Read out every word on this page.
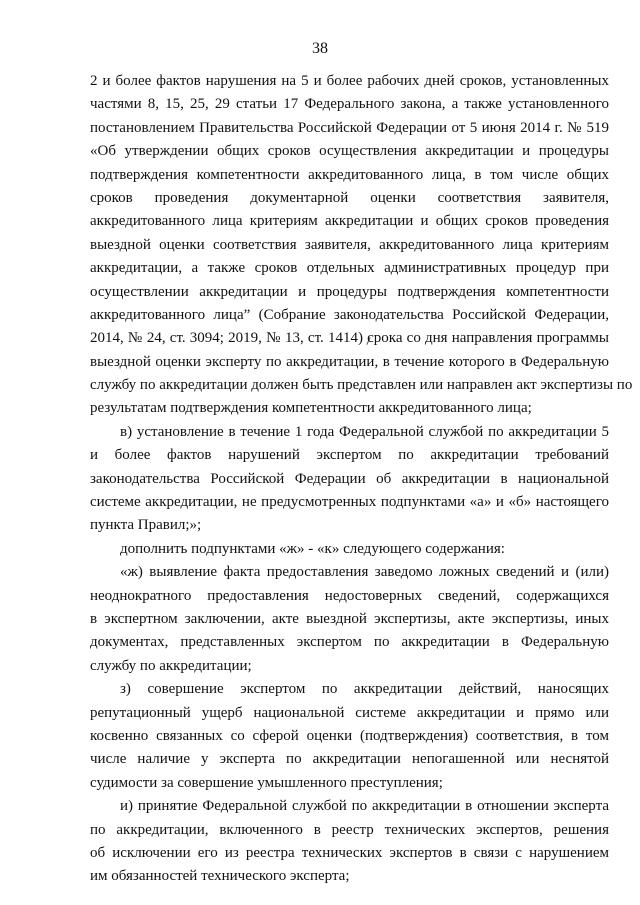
38
2 и более фактов нарушения на 5 и более рабочих дней сроков, установленных
частями 8, 15, 25, 29 статьи 17 Федерального закона, а также установленного
постановлением Правительства Российской Федерации от 5 июня 2014 г. № 519
«Об утверждении общих сроков осуществления аккредитации и процедуры
подтверждения компетентности аккредитованного лица, в том числе общих
сроков проведения документарной оценки соответствия заявителя,
аккредитованного лица критериям аккредитации и общих сроков проведения
выездной оценки соответствия заявителя, аккредитованного лица критериям
аккредитации, а также сроков отдельных административных процедур при
осуществлении аккредитации и процедуры подтверждения компетентности
аккредитованного лица” (Собрание законодательства Российской Федерации,
2014, № 24, ст. 3094; 2019, № 13, ст. 1414) срока со дня направления программы
выездной оценки эксперту по аккредитации, в течение которого в Федеральную
службу по аккредитации должен быть представлен или направлен акт экспертизы по
результатам подтверждения компетентности аккредитованного лица;
в) установление в течение 1 года Федеральной службой по аккредитации 5
и более фактов нарушений экспертом по аккредитации требований
законодательства Российской Федерации об аккредитации в национальной
системе аккредитации, не предусмотренных подпунктами «а» и «б» настоящего
пункта Правил;»;
дополнить подпунктами «ж» - «к» следующего содержания:
«ж) выявление факта предоставления заведомо ложных сведений и (или)
неоднократного предоставления недостоверных сведений, содержащихся
в экспертном заключении, акте выездной экспертизы, акте экспертизы, иных
документах, представленных экспертом по аккредитации в Федеральную
службу по аккредитации;
з) совершение экспертом по аккредитации действий, наносящих
репутационный ущерб национальной системе аккредитации и прямо или
косвенно связанных со сферой оценки (подтверждения) соответствия, в том
числе наличие у эксперта по аккредитации непогашенной или неснятой
судимости за совершение умышленного преступления;
и) принятие Федеральной службой по аккредитации в отношении эксперта
по аккредитации, включенного в реестр технических экспертов, решения
об исключении его из реестра технических экспертов в связи с нарушением
им обязанностей технического эксперта;
